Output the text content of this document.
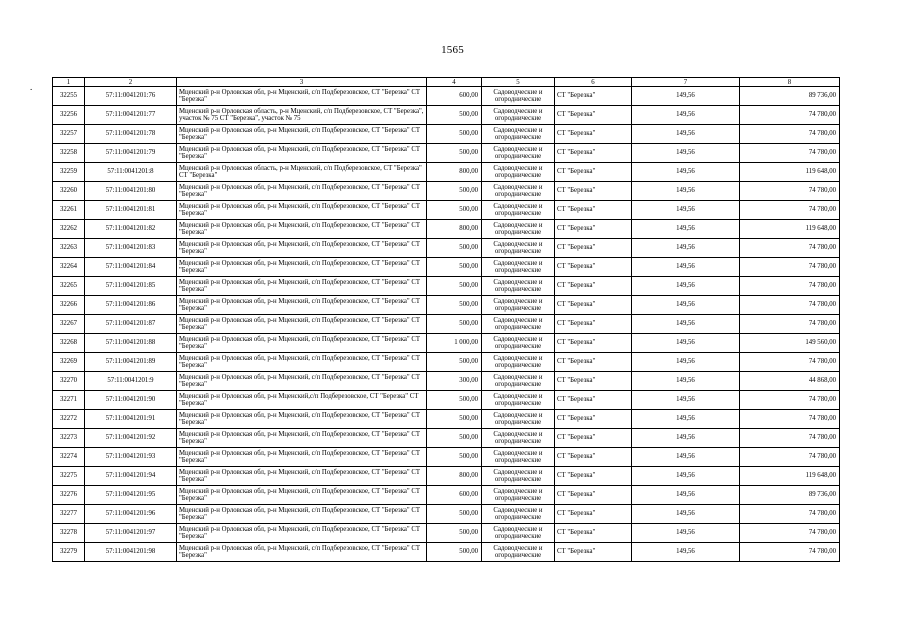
1565
.	1	2	3	4	5	6	7	8
32255	57:11:0041201:76	Мценский р-н Орловская обл, р-н Мценский, с/п Подберезовское, СТ "Березка" СТ "Березка"	600,00	Садоводческие и огороднические	СТ "Березка"	149,56	89 736,00
32256	57:11:0041201:77	Мценский р-н Орловская область, р-н Мценский, с/п Подберезовское, СТ "Березка", участок № 75 СТ "Березка", участок № 75	500,00	Садоводческие и огороднические	СТ "Березка"	149,56	74 780,00
32257	57:11:0041201:78	Мценский р-н Орловская обл, р-н Мценский, с/п Подберезовское, СТ "Березка" СТ "Березка"	500,00	Садоводческие и огороднические	СТ "Березка"	149,56	74 780,00
32258	57:11:0041201:79	Мценский р-н Орловская обл, р-н Мценский, с/п Подберезовское, СТ "Березка" СТ "Березка"	500,00	Садоводческие и огороднические	СТ "Березка"	149,56	74 780,00
32259	57:11:0041201:8	Мценский р-н Орловская область, р-н Мценский, с/п Подберезовское, СТ "Березка" СТ "Березка"	800,00	Садоводческие и огороднические	СТ "Березка"	149,56	119 648,00
32260	57:11:0041201:80	Мценский р-н Орловская обл, р-н Мценский, с/п Подберезовское, СТ "Березка" СТ "Березка"	500,00	Садоводческие и огороднические	СТ "Березка"	149,56	74 780,00
32261	57:11:0041201:81	Мценский р-н Орловская обл, р-н Мценский, с/п Подберезовское, СТ "Березка" СТ "Березка"	500,00	Садоводческие и огороднические	СТ "Березка"	149,56	74 780,00
32262	57:11:0041201:82	Мценский р-н Орловская обл, р-н Мценский, с/п Подберезовское, СТ "Березка" СТ "Березка"	800,00	Садоводческие и огороднические	СТ "Березка"	149,56	119 648,00
32263	57:11:0041201:83	Мценский р-н Орловская обл, р-н Мценский, с/п Подберезовское, СТ "Березка" СТ "Березка"	500,00	Садоводческие и огороднические	СТ "Березка"	149,56	74 780,00
32264	57:11:0041201:84	Мценский р-н Орловская обл, р-н Мценский, с/п Подберезовское, СТ "Березка" СТ "Березка"	500,00	Садоводческие и огороднические	СТ "Березка"	149,56	74 780,00
32265	57:11:0041201:85	Мценский р-н Орловская обл, р-н Мценский, с/п Подберезовское, СТ "Березка" СТ "Березка"	500,00	Садоводческие и огороднические	СТ "Березка"	149,56	74 780,00
32266	57:11:0041201:86	Мценский р-н Орловская обл, р-н Мценский, с/п Подберезовское, СТ "Березка" СТ "Березка"	500,00	Садоводческие и огороднические	СТ "Березка"	149,56	74 780,00
32267	57:11:0041201:87	Мценский р-н Орловская обл, р-н Мценский, с/п Подберезовское, СТ "Березка" СТ "Березка"	500,00	Садоводческие и огороднические	СТ "Березка"	149,56	74 780,00
32268	57:11:0041201:88	Мценский р-н Орловская обл, р-н Мценский, с/п Подберезовское, СТ "Березка" СТ "Березка"	1 000,00	Садоводческие и огороднические	СТ "Березка"	149,56	149 560,00
32269	57:11:0041201:89	Мценский р-н Орловская обл, р-н Мценский, с/п Подберезовское, СТ "Березка" СТ "Березка"	500,00	Садоводческие и огороднические	СТ "Березка"	149,56	74 780,00
32270	57:11:0041201:9	Мценский р-н Орловская обл, р-н Мценский, с/п Подберезовское, СТ "Березка" СТ "Березка"	300,00	Садоводческие и огороднические	СТ "Березка"	149,56	44 868,00
32271	57:11:0041201:90	Мценский р-н Орловская обл, р-н Мценский,с/п Подберезовское, СТ "Березка" СТ "Березка"	500,00	Садоводческие и огороднические	СТ "Березка"	149,56	74 780,00
32272	57:11:0041201:91	Мценский р-н Орловская обл, р-н Мценский, с/п Подберезовское, СТ "Березка" СТ "Березка"	500,00	Садоводческие и огороднические	СТ "Березка"	149,56	74 780,00
32273	57:11:0041201:92	Мценский р-н Орловская обл, р-н Мценский, с/п Подберезовское, СТ "Березка" СТ "Березка"	500,00	Садоводческие и огороднические	СТ "Березка"	149,56	74 780,00
32274	57:11:0041201:93	Мценский р-н Орловская обл, р-н Мценский, с/п Подберезовское, СТ "Березка" СТ "Березка"	500,00	Садоводческие и огороднические	СТ "Березка"	149,56	74 780,00
32275	57:11:0041201:94	Мценский р-н Орловская обл, р-н Мценский, с/п Подберезовское, СТ "Березка" СТ "Березка"	800,00	Садоводческие и огороднические	СТ "Березка"	149,56	119 648,00
32276	57:11:0041201:95	Мценский р-н Орловская обл, р-н Мценский, с/п Подберезовское, СТ "Березка" СТ "Березка"	600,00	Садоводческие и огороднические	СТ "Березка"	149,56	89 736,00
32277	57:11:0041201:96	Мценский р-н Орловская обл, р-н Мценский, с/п Подберезовское, СТ "Березка" СТ "Березка"	500,00	Садоводческие и огороднические	СТ "Березка"	149,56	74 780,00
32278	57:11:0041201:97	Мценский р-н Орловская обл, р-н Мценский, с/п Подберезовское, СТ "Березка" СТ "Березка"	500,00	Садоводческие и огороднические	СТ "Березка"	149,56	74 780,00
32279	57:11:0041201:98	Мценский р-н Орловская обл, р-н Мценский, с/п Подберезовское, СТ "Березка" СТ "Березка"	500,00	Садоводческие и огороднические	СТ "Березка"	149,56	74 780,00
